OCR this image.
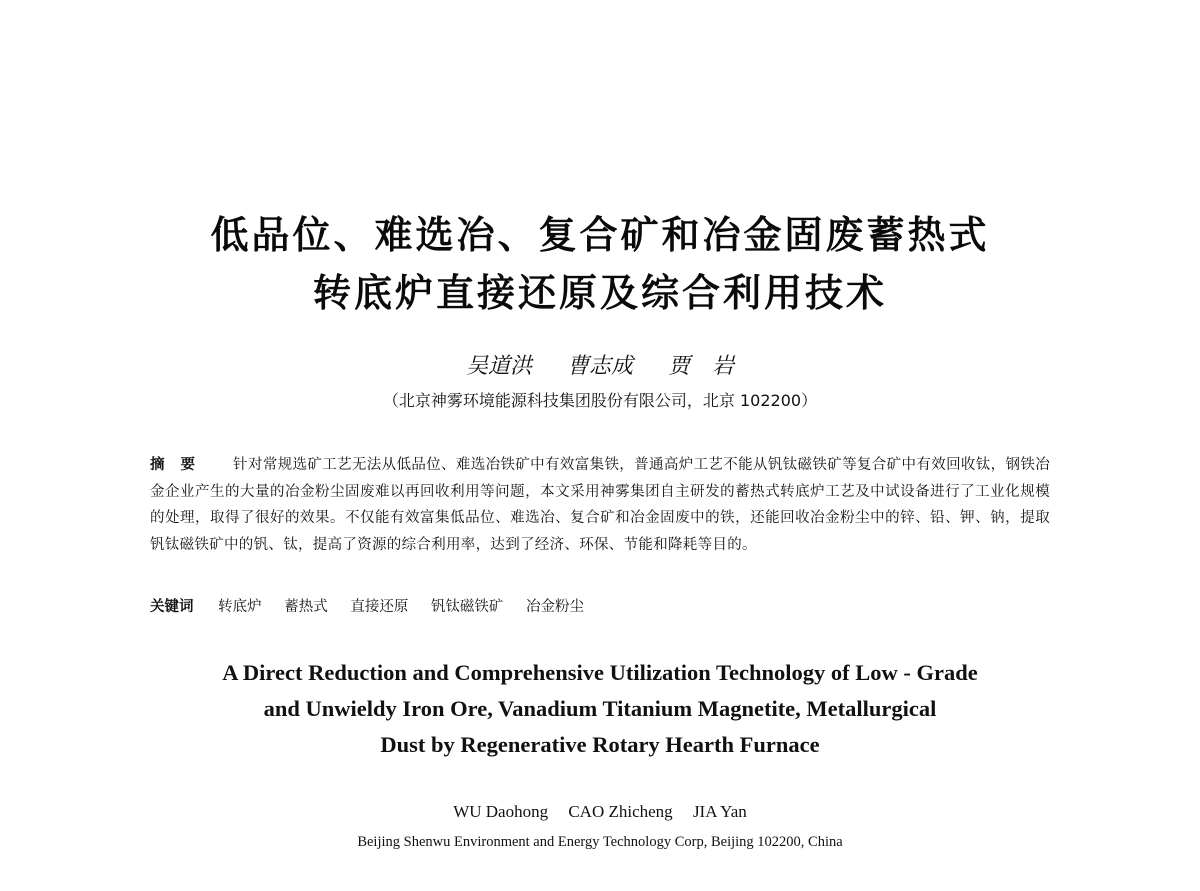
低品位、难选冶、复合矿和冶金固废蓄热式
转底炉直接还原及综合利用技术
吴道洪 曹志成 贾　岩
（北京神雾环境能源科技集团股份有限公司，北京 102200）
摘要 针对常规选矿工艺无法从低品位、难选冶铁矿中有效富集铁，普通高炉工艺不能从钒钛磁铁矿等复合矿中有效回收钛，钢铁冶金企业产生的大量的冶金粉尘固废难以再回收利用等问题，本文采用神雾集团自主研发的蓄热式转底炉工艺及中试设备进行了工业化规模的处理，取得了很好的效果。不仅能有效富集低品位、难选冶、复合矿和冶金固废中的铁，还能回收冶金粉尘中的锌、铅、钾、钠，提取钒钛磁铁矿中的钒、钛，提高了资源的综合利用率，达到了经济、环保、节能和降耗等目的。
关键词 转底炉 蓄热式 直接还原 钒钛磁铁矿 冶金粉尘
A Direct Reduction and Comprehensive Utilization Technology of Low - Grade
and Unwieldy Iron Ore, Vanadium Titanium Magnetite, Metallurgical
Dust by Regenerative Rotary Hearth Furnace
WU Daohong CAO Zhicheng JIA Yan
Beijing Shenwu Environment and Energy Technology Corp, Beijing 102200, China
